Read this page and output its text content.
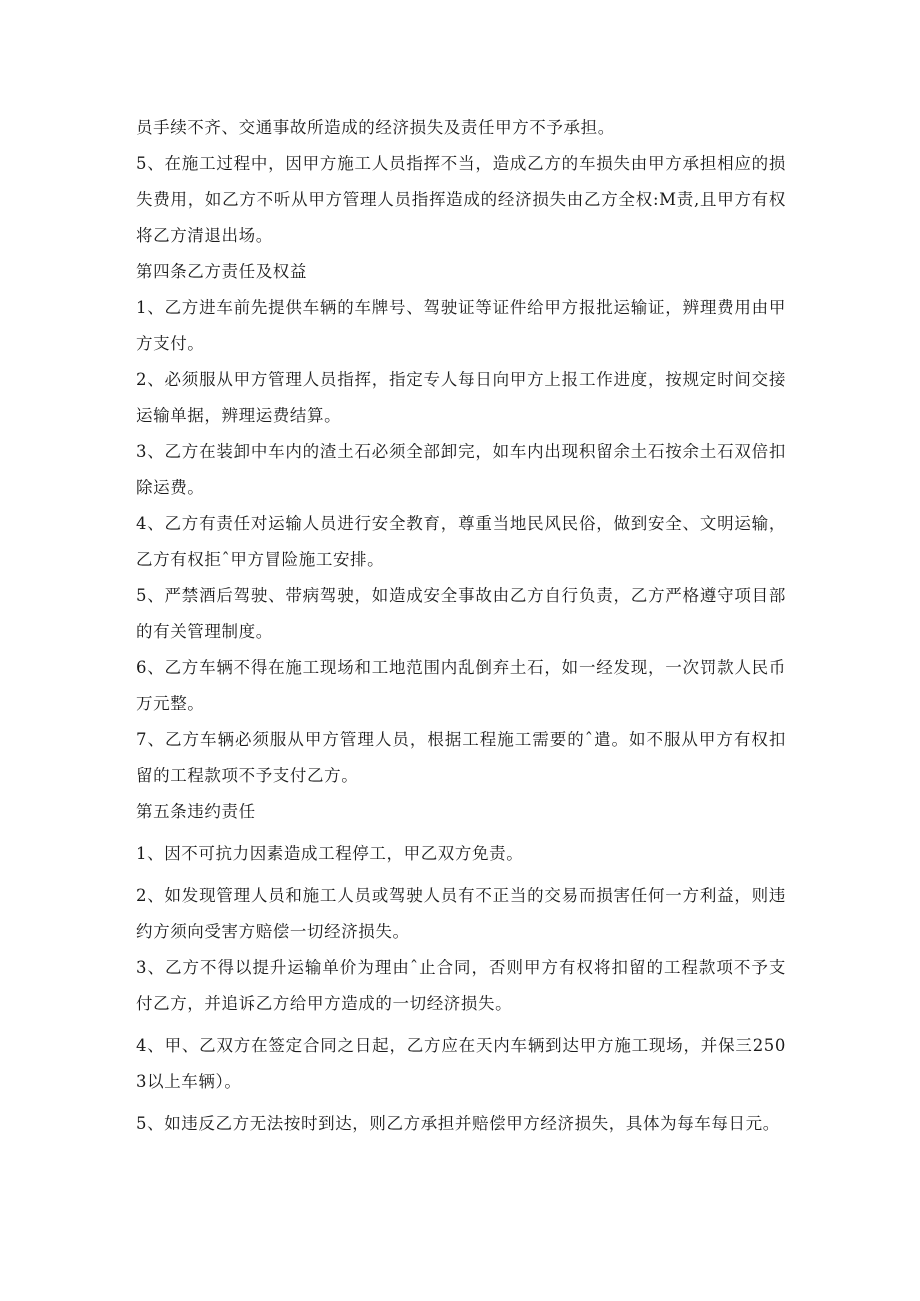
员手续不齐、交通事故所造成的经济损失及责任甲方不予承担。

5、在施工过程中，因甲方施工人员指挥不当，造成乙方的车损失由甲方承担相应的损失费用，如乙方不听从甲方管理人员指挥造成的经济损失由乙方全权:M责,且甲方有权将乙方清退出场。

第四条乙方责任及权益

1、乙方进车前先提供车辆的车牌号、驾驶证等证件给甲方报批运输证，辨理费用由甲方支付。

2、必须服从甲方管理人员指挥，指定专人每日向甲方上报工作进度，按规定时间交接运输单据，辨理运费结算。

3、乙方在装卸中车内的渣土石必须全部卸完，如车内出现积留余土石按余土石双倍扣除运费。

4、乙方有责任对运输人员进行安全教育，尊重当地民风民俗，做到安全、文明运输，乙方有权拒ˆ甲方冒险施工安排。

5、严禁酒后驾驶、带病驾驶，如造成安全事故由乙方自行负责，乙方严格遵守项目部的有关管理制度。

6、乙方车辆不得在施工现场和工地范围内乱倒弃土石，如一经发现，一次罚款人民币万元整。

7、乙方车辆必须服从甲方管理人员，根据工程施工需要的ˆ遣。如不服从甲方有权扣留的工程款项不予支付乙方。

第五条违约责任

1、因不可抗力因素造成工程停工，甲乙双方免责。

2、如发现管理人员和施工人员或驾驶人员有不正当的交易而损害任何一方利益，则违约方须向受害方赔偿一切经济损失。

3、乙方不得以提升运输单价为理由ˆ止合同，否则甲方有权将扣留的工程款项不予支付乙方，并追诉乙方给甲方造成的一切经济损失。

4、甲、乙双方在签定合同之日起，乙方应在天内车辆到达甲方施工现场，并保三2503以上车辆）。

5、如违反乙方无法按时到达，则乙方承担并赔偿甲方经济损失，具体为每车每日元。
